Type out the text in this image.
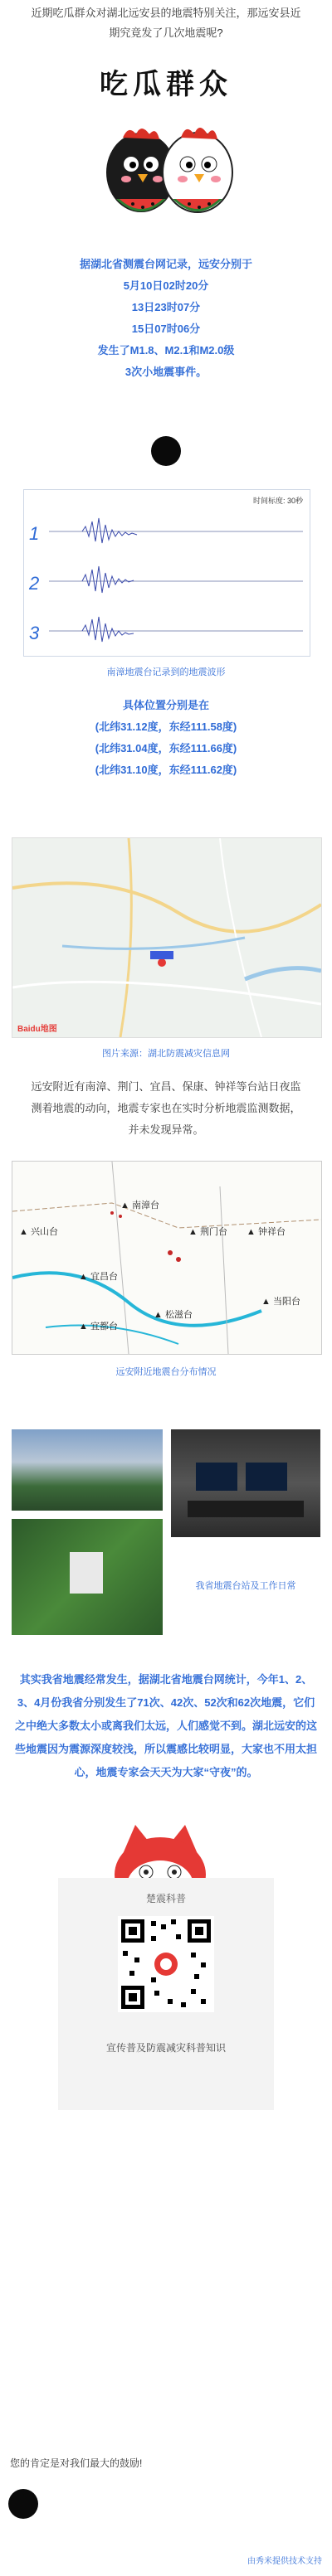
近期吃瓜群众对湖北远安县的地震特别关注，那远安县近
期究竟发了几次地震呢?
吃瓜群众
据湖北省测震台网记录，远安分别于
5月10日02时20分
13日23时07分
15日07时06分
发生了M1.8、M2.1和M2.0级
3次小地震事件。
时间标度: 30秒
1
2
3
南漳地震台记录到的地震波形
具体位置分别是在
(北纬31.12度，东经111.58度)
(北纬31.04度，东经111.66度)
(北纬31.10度，东经111.62度)
Baidu地图
图片来源：湖北防震减灾信息网
远安附近有南漳、荆门、宜昌、保康、钟祥等台站日夜监
测着地震的动向，地震专家也在实时分析地震监测数据，
并未发现异常。
▲ 南漳台
▲ 兴山台	▲ 荆门台 ▲ 钟祥台
▲ 宜昌台
▲ 当阳台
▲ 松滋台
▲ 宜都台
远安附近地震台分布情况
我省地震台站及工作日常
其实我省地震经常发生，据湖北省地震台网统计，今年1、2、3、4月份我省分别发生了71次、42次、52次和62次地震，它们之中绝大多数太小或离我们太远，人们感觉不到。湖北远安的这些地震因为震源深度较浅，所以震感比较明显，大家也不用太担心，地震专家会天天为大家“守夜”的。
楚震科普
宣传普及防震减灾科普知识
您的肯定是对我们最大的鼓励!
由秀米提供技术支持
